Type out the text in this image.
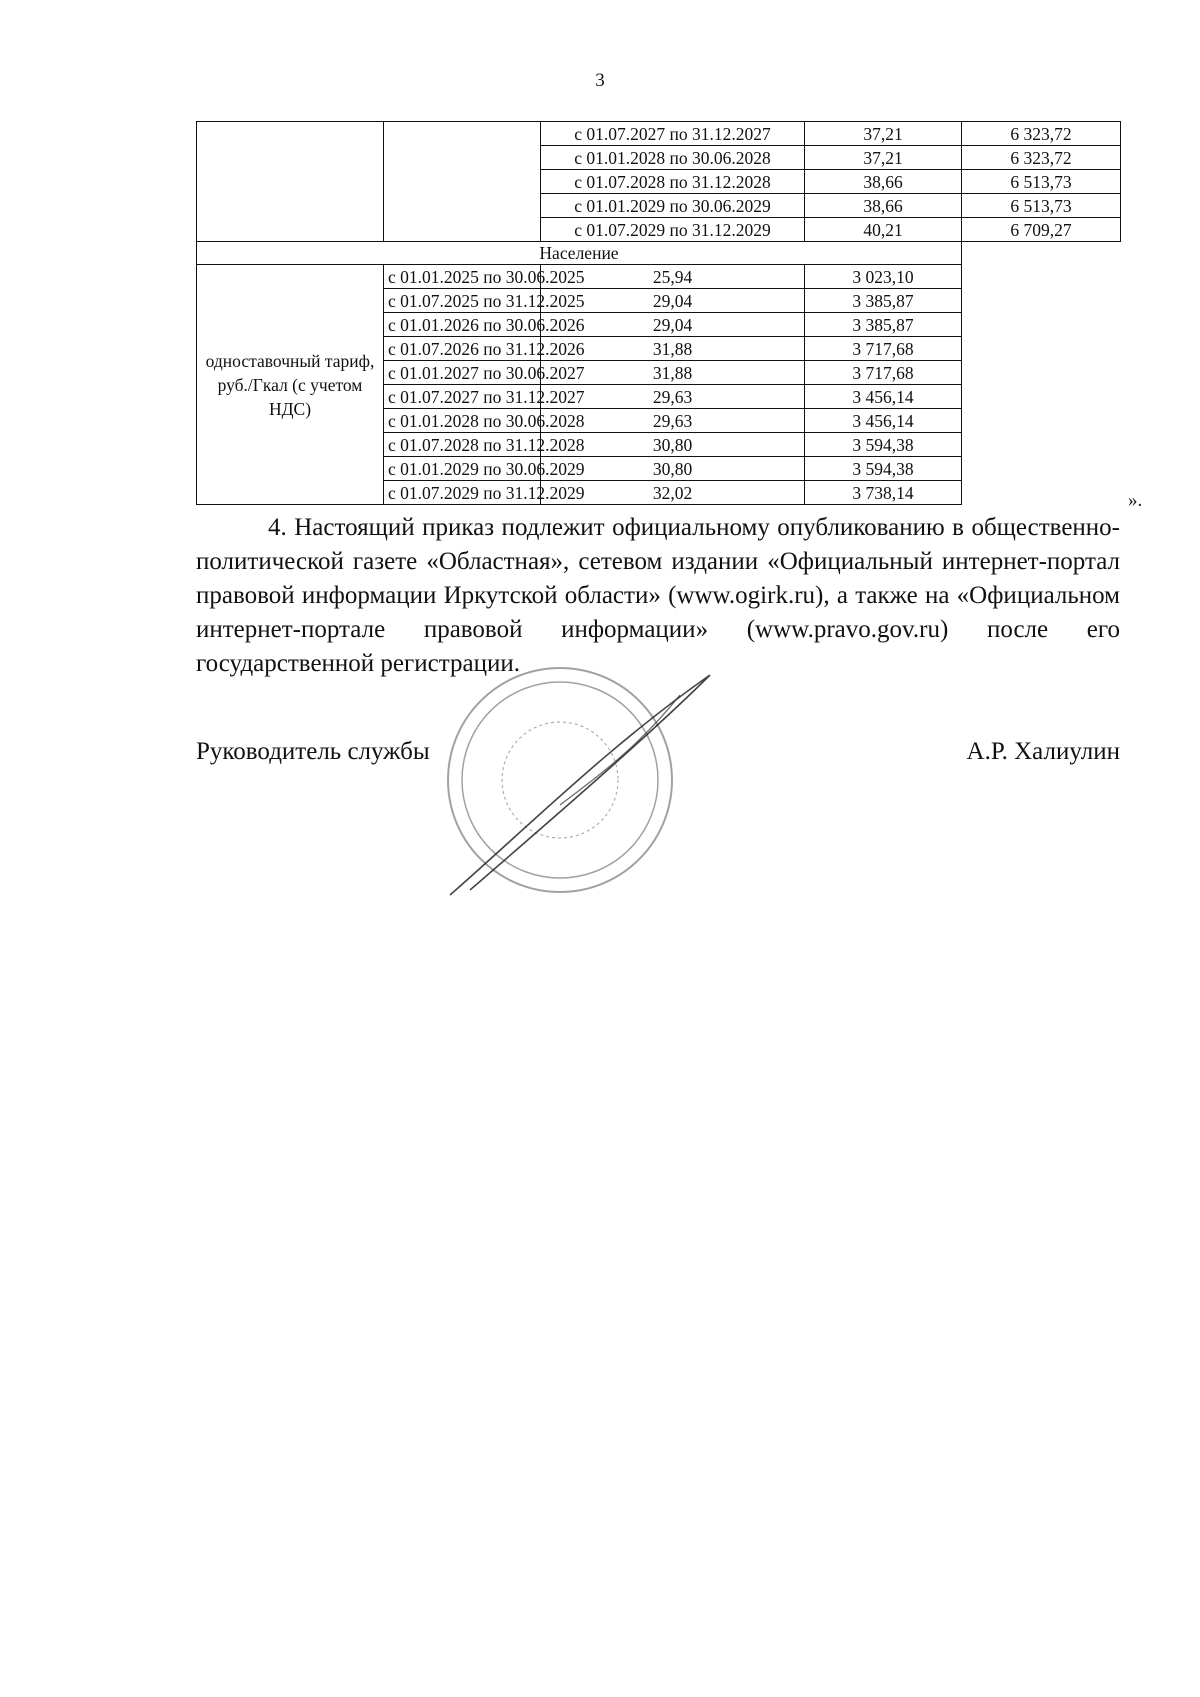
3
		с 01.07.2027 по 31.12.2027	37,21	6 323,72
		с 01.01.2028 по 30.06.2028	37,21	6 323,72
		с 01.07.2028 по 31.12.2028	38,66	6 513,73
		с 01.01.2029 по 30.06.2029	38,66	6 513,73
		с 01.07.2029 по 31.12.2029	40,21	6 709,27
Население				
одноставочный тариф, руб./Гкал (с учетом НДС)	с 01.01.2025 по 30.06.2025	25,94	3 023,10	
	с 01.07.2025 по 31.12.2025	29,04	3 385,87	
	с 01.01.2026 по 30.06.2026	29,04	3 385,87	
	с 01.07.2026 по 31.12.2026	31,88	3 717,68	
	с 01.01.2027 по 30.06.2027	31,88	3 717,68	
	с 01.07.2027 по 31.12.2027	29,63	3 456,14	
	с 01.01.2028 по 30.06.2028	29,63	3 456,14	
	с 01.07.2028 по 31.12.2028	30,80	3 594,38	
	с 01.01.2029 по 30.06.2029	30,80	3 594,38	
	с 01.07.2029 по 31.12.2029	32,02	3 738,14		».

4. Настоящий приказ подлежит официальному опубликованию в общественно-политической газете «Областная», сетевом издании «Официальный интернет-портал правовой информации Иркутской области» (www.ogirk.ru), а также на «Официальном интернет-портале правовой информации» (www.pravo.gov.ru) после его государственной регистрации.

Руководитель службы	А.Р. Халиулин
